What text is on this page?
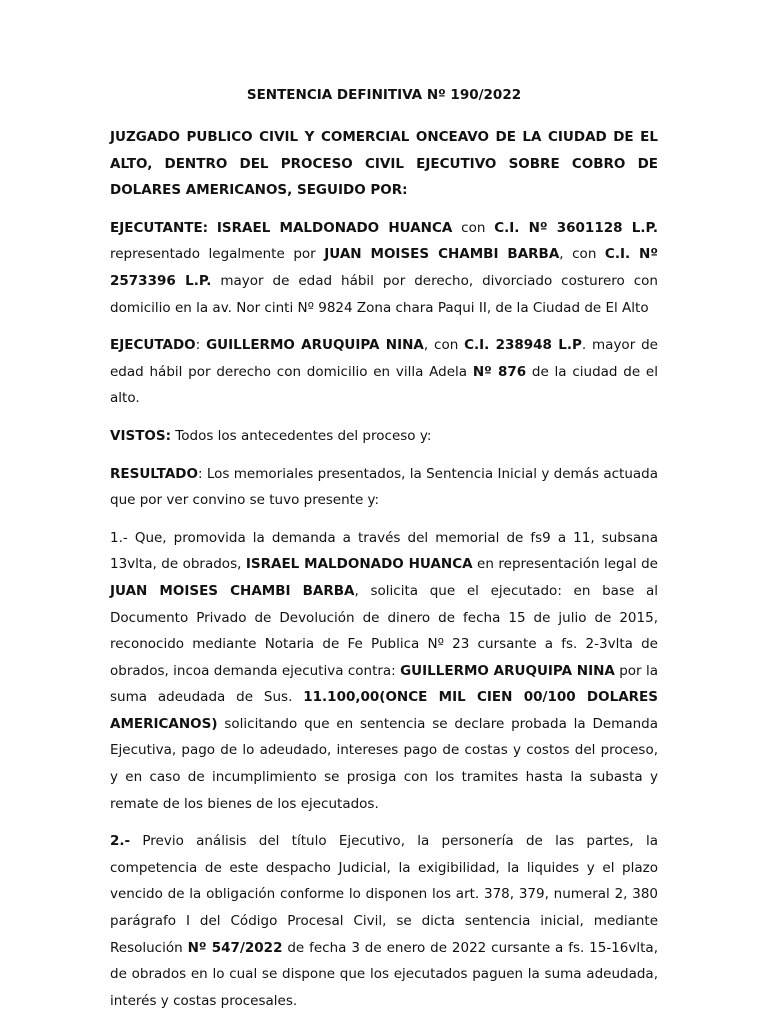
SENTENCIA DEFINITIVA Nº 190/2022

JUZGADO PUBLICO CIVIL Y COMERCIAL ONCEAVO DE LA CIUDAD DE EL ALTO, DENTRO DEL PROCESO CIVIL EJECUTIVO SOBRE COBRO DE DOLARES AMERICANOS, SEGUIDO POR:

EJECUTANTE: ISRAEL MALDONADO HUANCA con C.I. Nº 3601128 L.P. representado legalmente por JUAN MOISES CHAMBI BARBA, con C.I. Nº 2573396 L.P. mayor de edad hábil por derecho, divorciado costurero con domicilio en la av. Nor cinti Nº 9824 Zona chara Paqui II, de la Ciudad de El Alto

EJECUTADO: GUILLERMO ARUQUIPA NINA, con C.I. 238948 L.P. mayor de edad hábil por derecho con domicilio en villa Adela Nº 876 de la ciudad de el alto.

VISTOS: Todos los antecedentes del proceso y:

RESULTADO: Los memoriales presentados, la Sentencia Inicial y demás actuada que por ver convino se tuvo presente y:

1.- Que, promovida la demanda a través del memorial de fs9 a 11, subsana 13vlta, de obrados, ISRAEL MALDONADO HUANCA en representación legal de JUAN MOISES CHAMBI BARBA, solicita que el ejecutado: en base al Documento Privado de Devolución de dinero de fecha 15 de julio de 2015, reconocido mediante Notaria de Fe Publica Nº 23 cursante a fs. 2-3vlta de obrados, incoa demanda ejecutiva contra: GUILLERMO ARUQUIPA NINA por la suma adeudada de Sus. 11.100,00(ONCE MIL CIEN 00/100 DOLARES AMERICANOS) solicitando que en sentencia se declare probada la Demanda Ejecutiva, pago de lo adeudado, intereses pago de costas y costos del proceso, y en caso de incumplimiento se prosiga con los tramites hasta la subasta y remate de los bienes de los ejecutados.

2.- Previo análisis del título Ejecutivo, la personería de las partes, la competencia de este despacho Judicial, la exigibilidad, la liquides y el plazo vencido de la obligación conforme lo disponen los art. 378, 379, numeral 2, 380 parágrafo I del Código Procesal Civil, se dicta sentencia inicial, mediante Resolución Nº 547/2022 de fecha 3 de enero de 2022 cursante a fs. 15-16vlta, de obrados en lo cual se dispone que los ejecutados paguen la suma adeudada, interés y costas procesales.
